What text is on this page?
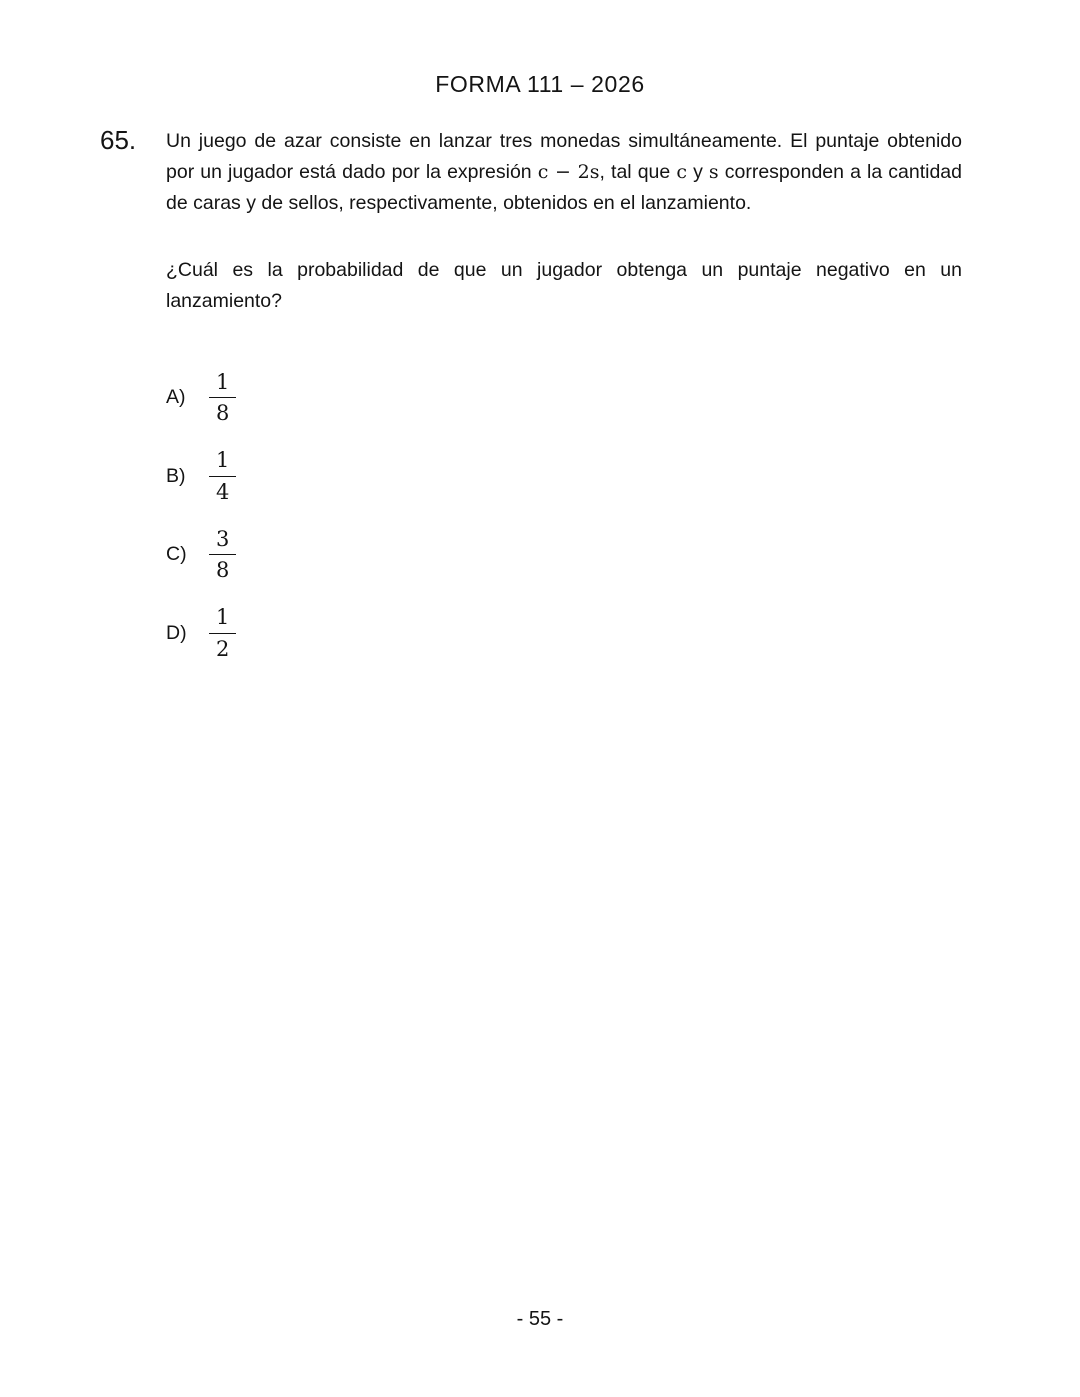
FORMA 111 – 2026
65.	Un juego de azar consiste en lanzar tres monedas simultáneamente. El puntaje obtenido por un jugador está dado por la expresión c − 2s, tal que c y s corresponden a la cantidad de caras y de sellos, respectivamente, obtenidos en el lanzamiento.
¿Cuál es la probabilidad de que un jugador obtenga un puntaje negativo en un lanzamiento?
A)	$\frac{1}{8}$
B)	$\frac{1}{4}$
C)	$\frac{3}{8}$
D)	$\frac{1}{2}$
- 55 -
